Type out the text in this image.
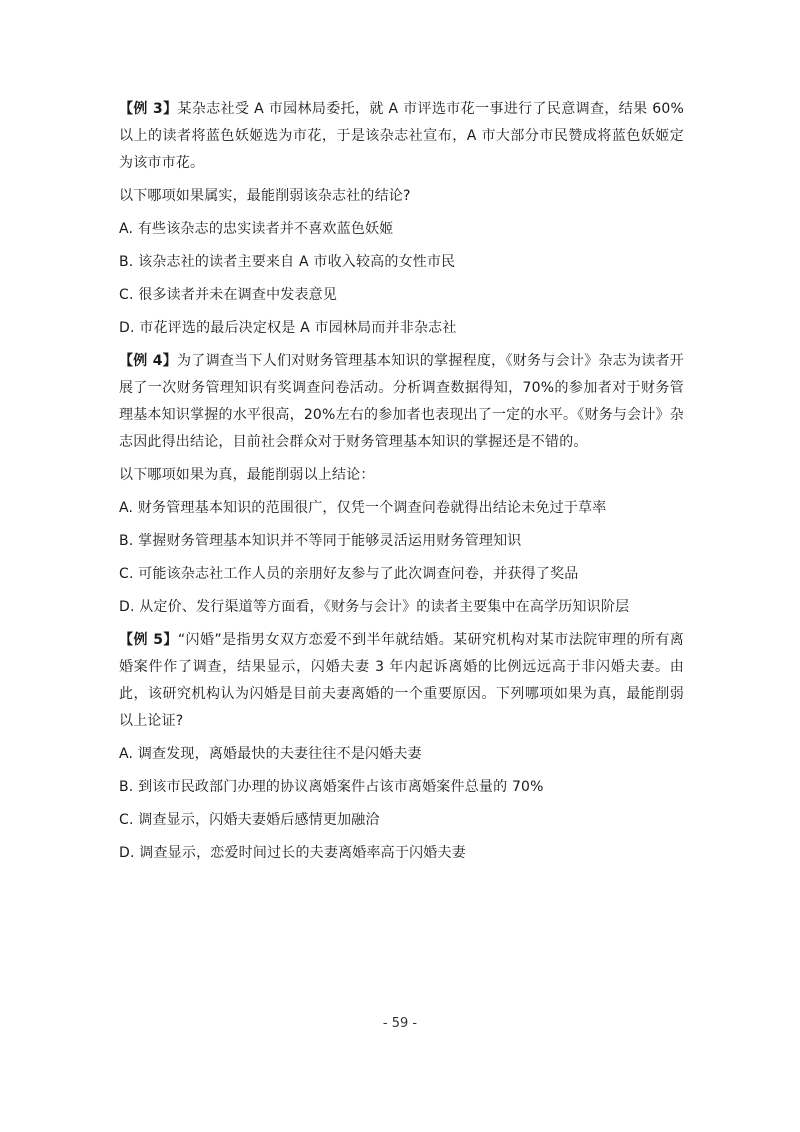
【例 3】某杂志社受 A 市园林局委托，就 A 市评选市花一事进行了民意调查，结果 60%以上的读者将蓝色妖姬选为市花，于是该杂志社宣布，A 市大部分市民赞成将蓝色妖姬定为该市市花。

以下哪项如果属实，最能削弱该杂志社的结论?

A. 有些该杂志的忠实读者并不喜欢蓝色妖姬

B. 该杂志社的读者主要来自 A 市收入较高的女性市民

C. 很多读者并未在调查中发表意见

D. 市花评选的最后决定权是 A 市园林局而并非杂志社

【例 4】为了调查当下人们对财务管理基本知识的掌握程度，《财务与会计》杂志为读者开展了一次财务管理知识有奖调查问卷活动。分析调查数据得知，70%的参加者对于财务管理基本知识掌握的水平很高，20%左右的参加者也表现出了一定的水平。《财务与会计》杂志因此得出结论，目前社会群众对于财务管理基本知识的掌握还是不错的。

以下哪项如果为真，最能削弱以上结论：

A. 财务管理基本知识的范围很广，仅凭一个调查问卷就得出结论未免过于草率

B. 掌握财务管理基本知识并不等同于能够灵活运用财务管理知识

C. 可能该杂志社工作人员的亲朋好友参与了此次调查问卷，并获得了奖品

D. 从定价、发行渠道等方面看，《财务与会计》的读者主要集中在高学历知识阶层

【例 5】“闪婚”是指男女双方恋爱不到半年就结婚。某研究机构对某市法院审理的所有离婚案件作了调查，结果显示，闪婚夫妻 3 年内起诉离婚的比例远远高于非闪婚夫妻。由此，该研究机构认为闪婚是目前夫妻离婚的一个重要原因。下列哪项如果为真，最能削弱以上论证?

A. 调查发现，离婚最快的夫妻往往不是闪婚夫妻

B. 到该市民政部门办理的协议离婚案件占该市离婚案件总量的 70%

C. 调查显示，闪婚夫妻婚后感情更加融洽

D. 调查显示，恋爱时间过长的夫妻离婚率高于闪婚夫妻

- 59 -
